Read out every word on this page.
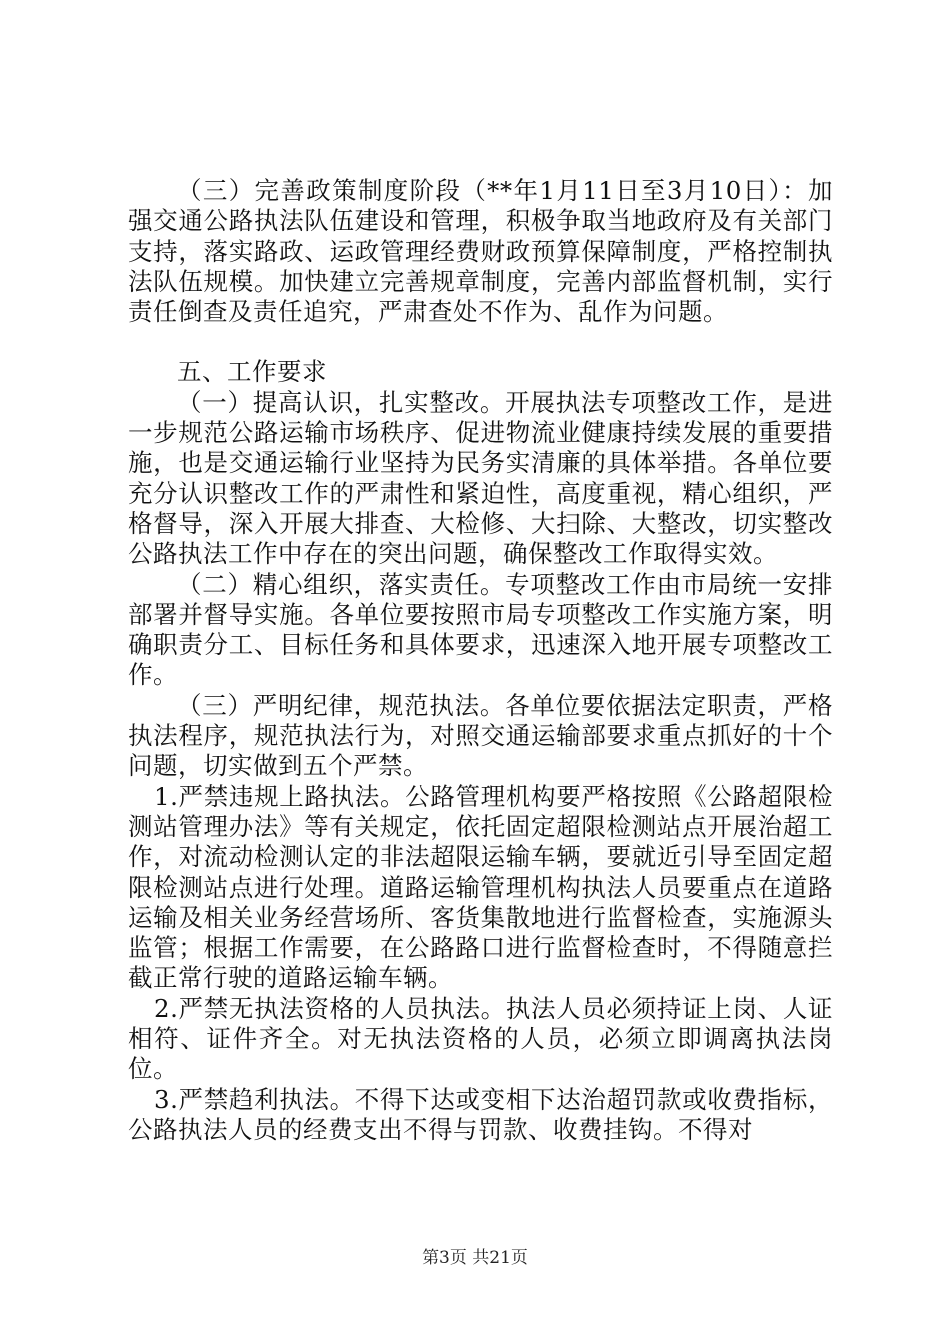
（三）完善政策制度阶段（**年1月11日至3月10日）：加强交通公路执法队伍建设和管理，积极争取当地政府及有关部门支持，落实路政、运政管理经费财政预算保障制度，严格控制执法队伍规模。加快建立完善规章制度，完善内部监督机制，实行责任倒查及责任追究，严肃查处不作为、乱作为问题。

五、工作要求

（一）提高认识，扎实整改。开展执法专项整改工作，是进一步规范公路运输市场秩序、促进物流业健康持续发展的重要措施，也是交通运输行业坚持为民务实清廉的具体举措。各单位要充分认识整改工作的严肃性和紧迫性，高度重视，精心组织，严格督导，深入开展大排查、大检修、大扫除、大整改，切实整改公路执法工作中存在的突出问题，确保整改工作取得实效。

（二）精心组织，落实责任。专项整改工作由市局统一安排部署并督导实施。各单位要按照市局专项整改工作实施方案，明确职责分工、目标任务和具体要求，迅速深入地开展专项整改工作。

（三）严明纪律，规范执法。各单位要依据法定职责，严格执法程序，规范执法行为，对照交通运输部要求重点抓好的十个问题，切实做到五个严禁。

1.严禁违规上路执法。公路管理机构要严格按照《公路超限检测站管理办法》等有关规定，依托固定超限检测站点开展治超工作，对流动检测认定的非法超限运输车辆，要就近引导至固定超限检测站点进行处理。道路运输管理机构执法人员要重点在道路运输及相关业务经营场所、客货集散地进行监督检查，实施源头监管；根据工作需要，在公路路口进行监督检查时，不得随意拦截正常行驶的道路运输车辆。

2.严禁无执法资格的人员执法。执法人员必须持证上岗、人证相符、证件齐全。对无执法资格的人员，必须立即调离执法岗位。

3.严禁趋利执法。不得下达或变相下达治超罚款或收费指标，公路执法人员的经费支出不得与罚款、收费挂钩。不得对

第3页 共21页
